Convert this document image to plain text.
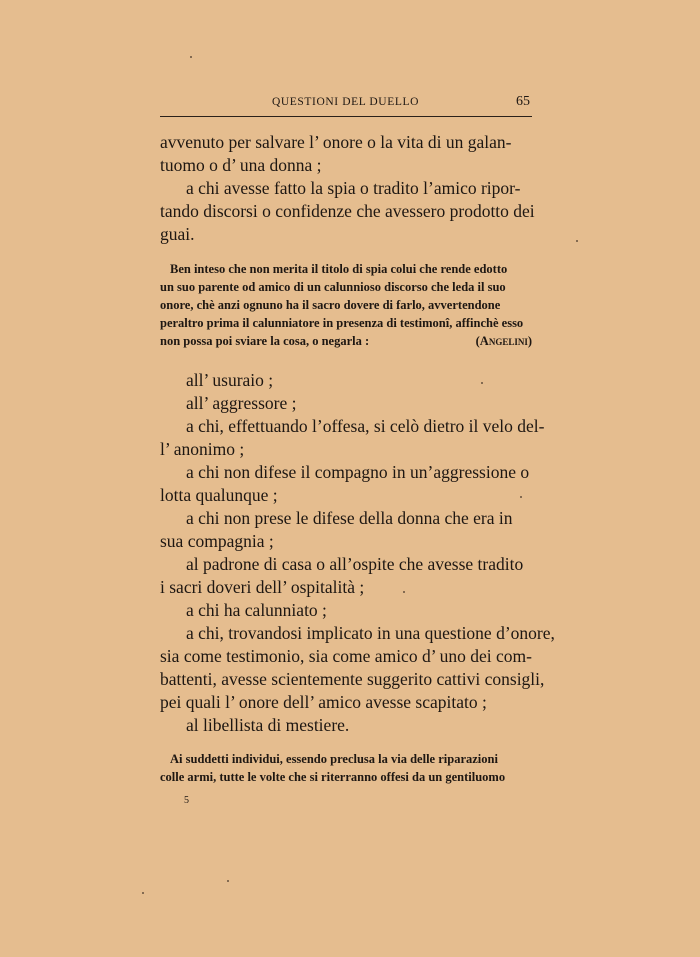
QUESTIONI DEL DUELLO	65
avvenuto per salvare l’ onore o la vita di un galan-
tuomo o d’ una donna ;
a chi avesse fatto la spia o tradito l’amico ripor-
tando discorsi o confidenze che avessero prodotto dei
guai.
Ben inteso che non merita il titolo di spia colui che rende edotto
un suo parente od amico di un calunnioso discorso che leda il suo
onore, chè anzi ognuno ha il sacro dovere di farlo, avvertendone
peraltro prima il calunniatore in presenza di testimonî, affinchè esso
non possa poi sviare la cosa, o negarla :	(Angelini)
all’ usuraio ;
all’ aggressore ;
a chi, effettuando l’offesa, si celò dietro il velo del-
l’ anonimo ;
a chi non difese il compagno in un’aggressione o
lotta qualunque ;
a chi non prese le difese della donna che era in
sua compagnia ;
al padrone di casa o all’ospite che avesse tradito
i sacri doveri dell’ ospitalità ;
a chi ha calunniato ;
a chi, trovandosi implicato in una questione d’onore,
sia come testimonio, sia come amico d’ uno dei com-
battenti, avesse scientemente suggerito cattivi consigli,
pei quali l’ onore dell’ amico avesse scapitato ;
al libellista di mestiere.
Ai suddetti individui, essendo preclusa la via delle riparazioni
colle armi, tutte le volte che si riterranno offesi da un gentiluomo
5
